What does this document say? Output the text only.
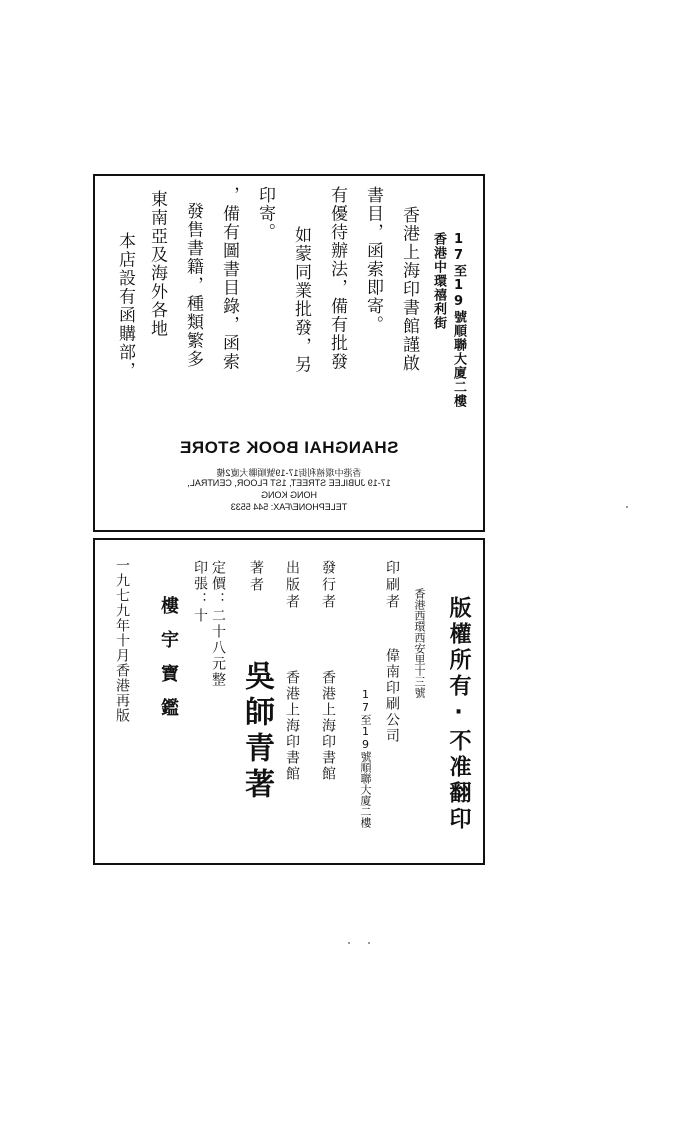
17至19號順聯大廈二樓
香港中環禧利街
香港上海印書館謹啟
書目，函索即寄。
有優待辦法，備有批發
如蒙同業批發，另
印寄。
，備有圖書目錄，函索
發售書籍，種類繁多
東南亞及海外各地
本店設有函購部，
SHANGHAI BOOK STORE
香港中環禧利街17-19號順聯大廈2樓
17-19 JUBILEE STREET, 1ST FLOOR, CENTRAL,
HONG KONG
TELEPHONE/FAX: 544 5533
版權所有·不准翻印
香港西環西安里十三號
印刷者
偉南印刷公司
17至19號順聯大廈二樓
發行者
香港上海印書館
出版者
香港上海印書館
著者
吳師青著
定價：二十八元整
印張：十
樓宇寶鑑
一九七九年十月香港再版
